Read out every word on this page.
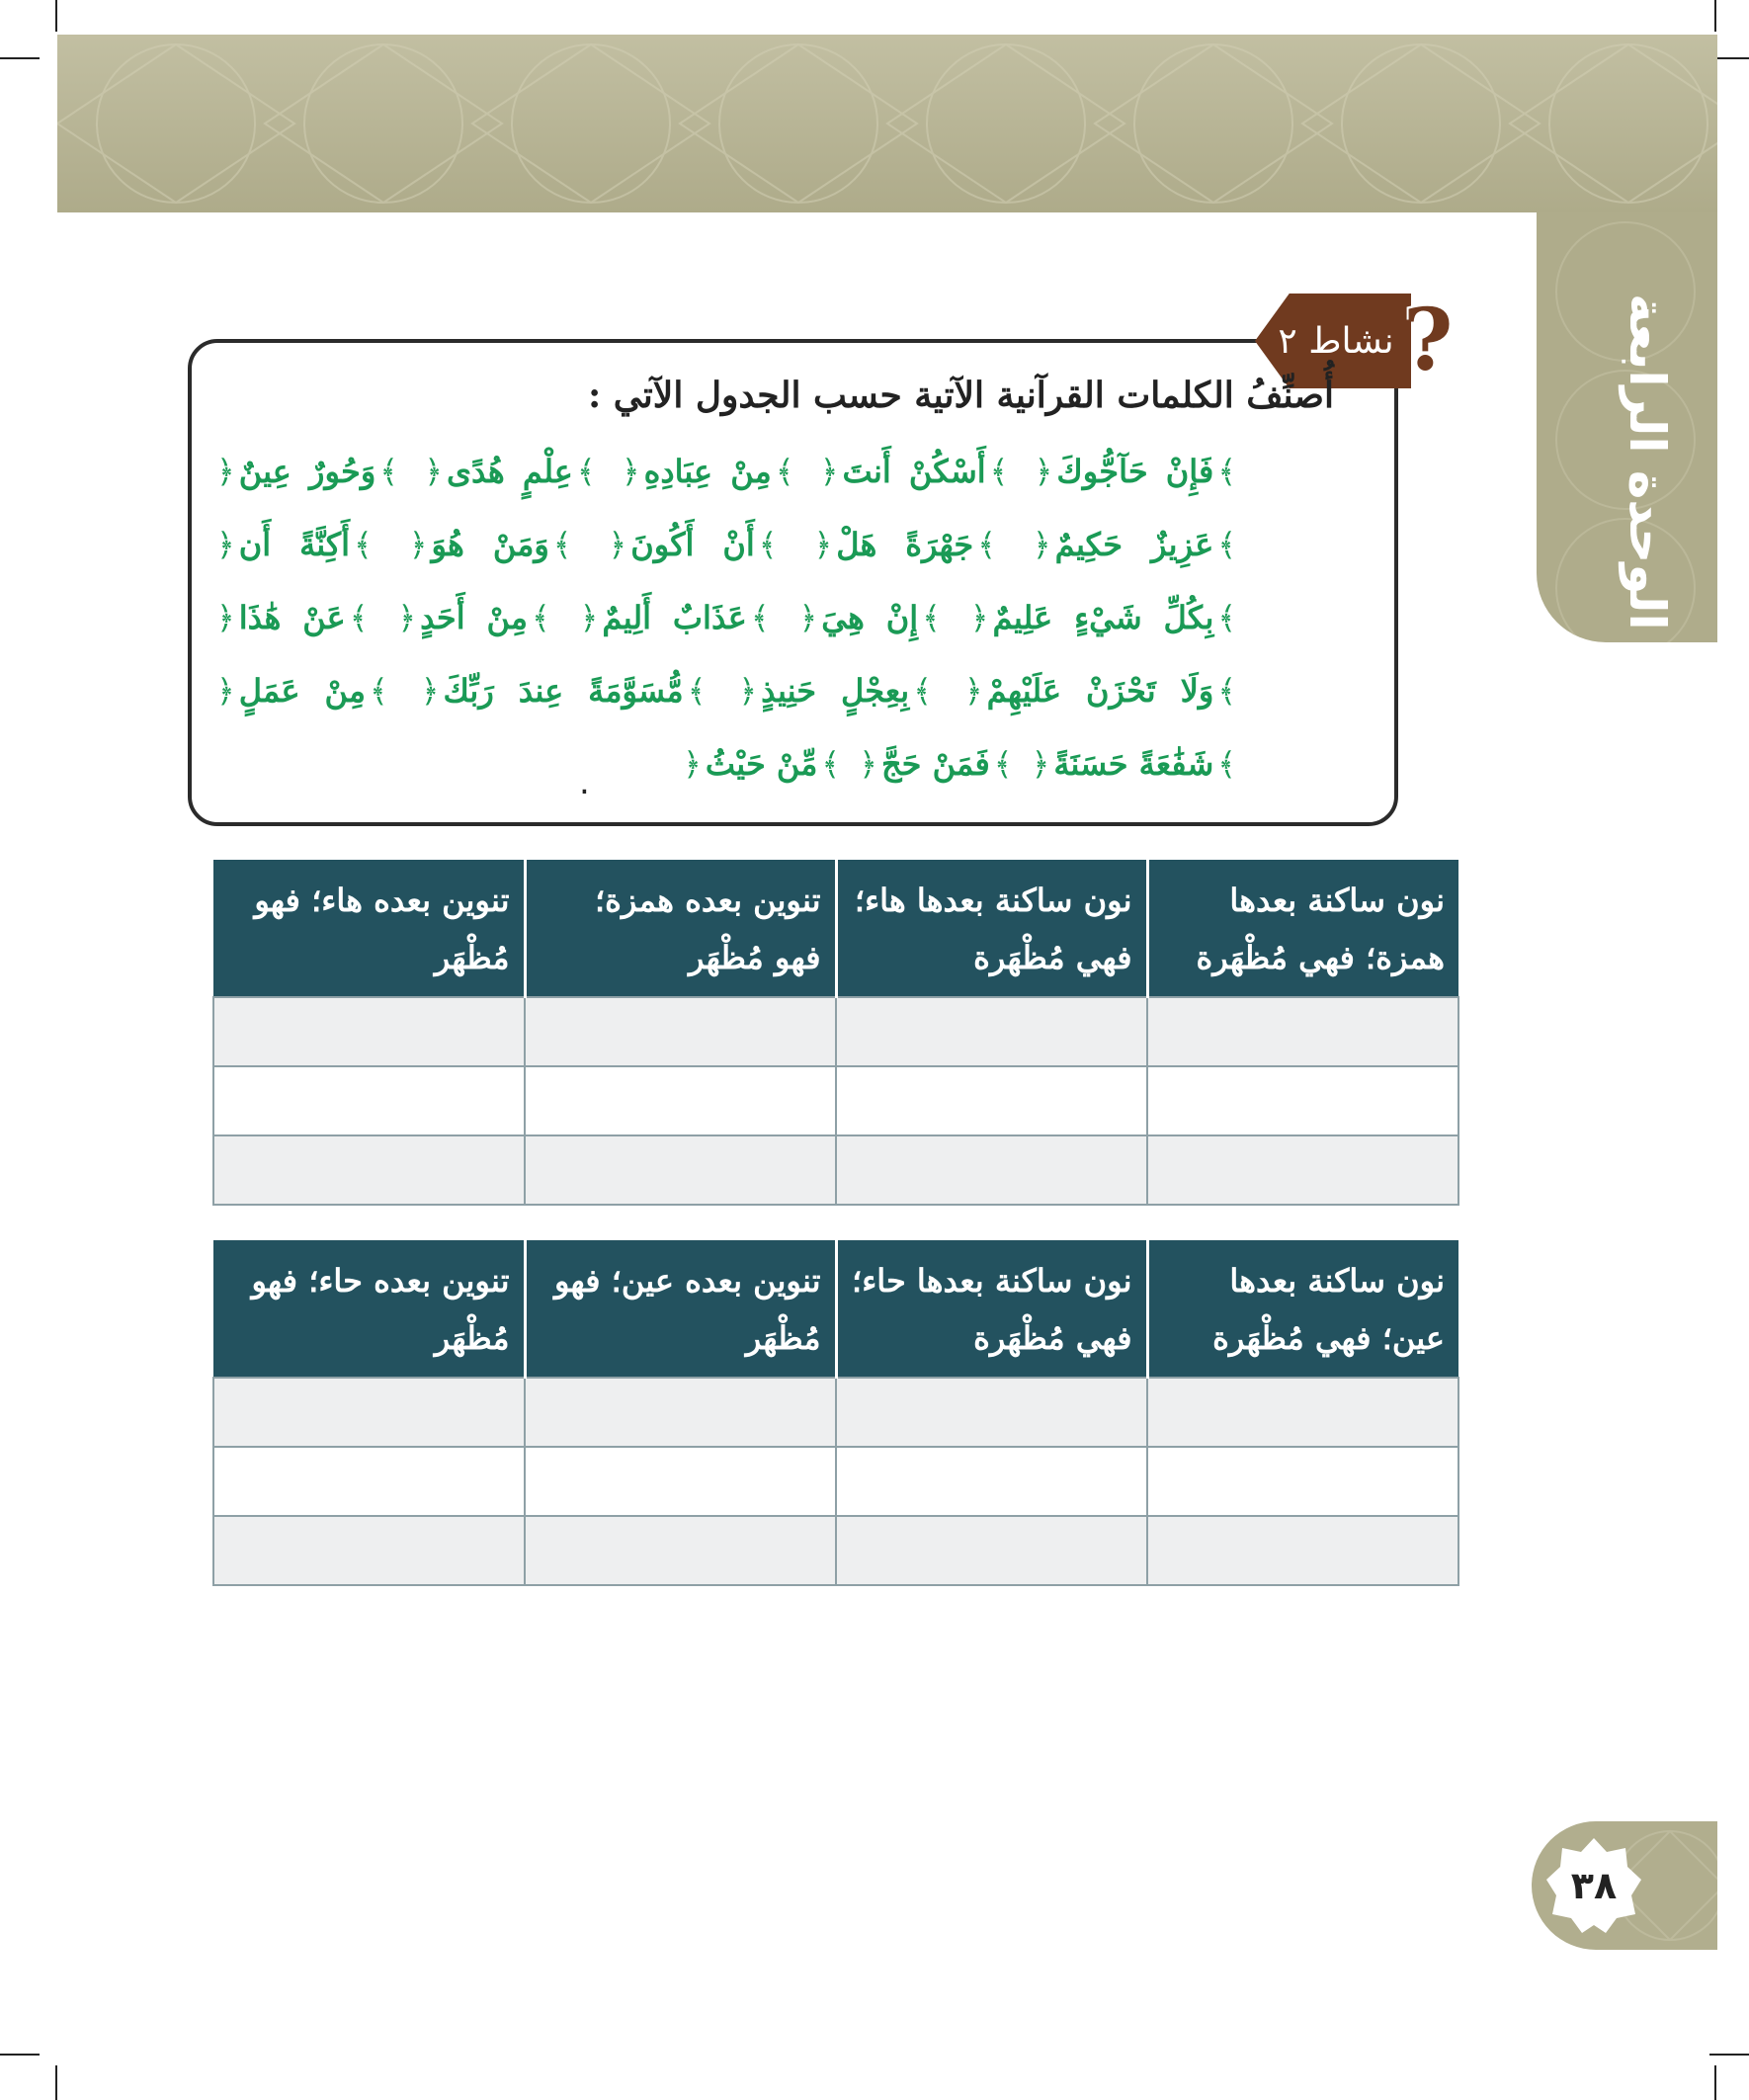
الوحدة الرابعة
نشاط ٢ ?
أُصنِّفُ الكلمات القرآنية الآتية حسب الجدول الآتي :
﴾فَإِنْ حَآجُّوكَ﴿ ﴾أَسْكُنْ أَنتَ﴿ ﴾مِنْ عِبَادِهِ﴿ ﴾عِلْمٍ هُدًى﴿ ﴾وَحُورٌ عِينٌ﴿
﴾عَزِيزٌ حَكِيمٌ﴿ ﴾جَهْرَةً هَلْ﴿ ﴾أَنْ أَكُونَ﴿ ﴾وَمَنْ هُوَ﴿ ﴾أَكِنَّةً أَن﴿
﴾بِكُلِّ شَيْءٍ عَلِيمٌ﴿ ﴾إِنْ هِيَ﴿ ﴾عَذَابٌ أَلِيمٌ﴿ ﴾مِنْ أَحَدٍ﴿ ﴾عَنْ هَٰذَا﴿
﴾وَلَا تَحْزَنْ عَلَيْهِمْ﴿ ﴾بِعِجْلٍ حَنِيذٍ﴿ ﴾مُّسَوَّمَةً عِندَ رَبِّكَ﴿ ﴾مِنْ عَمَلٍ﴿
﴾شَفَٰعَةً حَسَنَةً﴿ ﴾فَمَنْ حَجَّ﴿ ﴾مِّنْ حَيْثُ﴿
.
نون ساكنة بعدها همزة؛ فهي مُظْهَرة	نون ساكنة بعدها هاء؛ فهي مُظْهَرة	تنوين بعده همزة؛ فهو مُظْهَر	تنوين بعده هاء؛ فهو مُظْهَر

نون ساكنة بعدها عين؛ فهي مُظْهَرة	نون ساكنة بعدها حاء؛ فهي مُظْهَرة	تنوين بعده عين؛ فهو مُظْهَر	تنوين بعده حاء؛ فهو مُظْهَر

٣٨
